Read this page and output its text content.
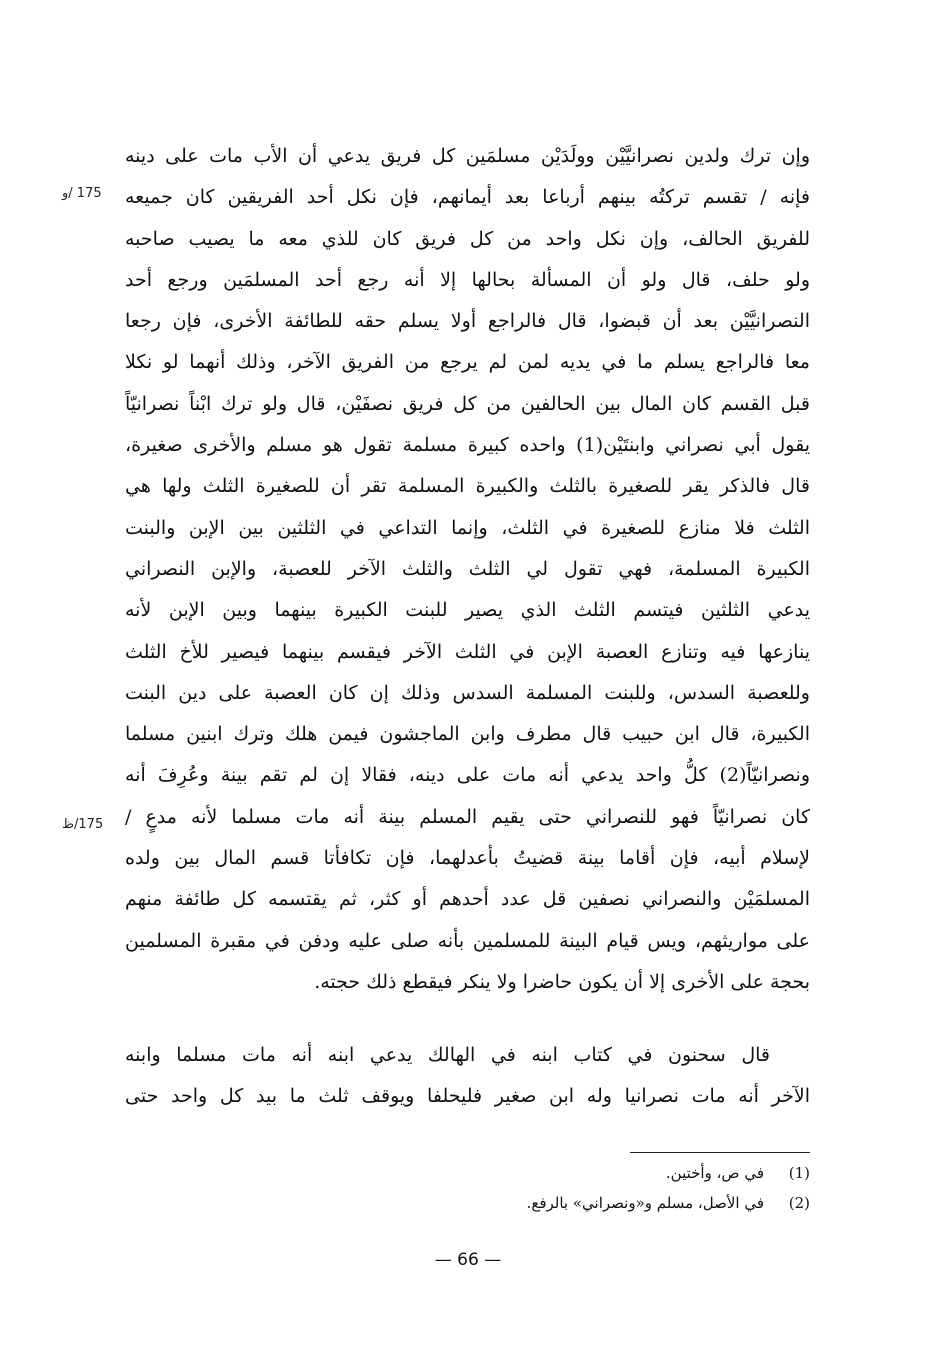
175 /و
175/ظ
وإن ترك ولدين نصرانيَّيْن وولَدَيْن مسلمَين كل فريق يدعي أن الأب مات على دينه
فإنه / تقسم تركتُه بينهم أرباعا بعد أيمانهم، فإن نكل أحد الفريقين كان جميعه
للفريق الحالف، وإن نكل واحد من كل فريق كان للذي معه ما يصيب صاحبه
ولو حلف، قال ولو أن المسألة بحالها إلا أنه رجع أحد المسلمَين ورجع أحد
النصرانيَّيْن بعد أن قبضوا، قال فالراجع أولا يسلم حقه للطائفة الأخرى، فإن رجعا
معا فالراجع يسلم ما في يديه لمن لم يرجع من الفريق الآخر، وذلك أنهما لو نكلا
قبل القسم كان المال بين الحالفين من كل فريق نصفَيْن، قال ولو ترك ابْناً نصرانيّاً
يقول أبي نصراني وابنتَيْن(1) واحده كبيرة مسلمة تقول هو مسلم والأخرى صغيرة،
قال فالذكر يقر للصغيرة بالثلث والكبيرة المسلمة تقر أن للصغيرة الثلث ولها هي
الثلث فلا منازع للصغيرة في الثلث، وإنما التداعي في الثلثين بين الإبن والبنت
الكبيرة المسلمة، فهي تقول لي الثلث والثلث الآخر للعصبة، والإبن النصراني
يدعي الثلثين فيتسم الثلث الذي يصير للبنت الكبيرة بينهما وبين الإبن لأنه
ينازعها فيه وتنازع العصبة الإبن في الثلث الآخر فيقسم بينهما فيصير للأخ الثلث
وللعصبة السدس، وللبنت المسلمة السدس وذلك إن كان العصبة على دين البنت
الكبيرة، قال ابن حبيب قال مطرف وابن الماجشون فيمن هلك وترك ابنين مسلما
ونصرانيّاً(2) كلُّ واحد يدعي أنه مات على دينه، فقالا إن لم تقم بينة وعُرِفَ أنه
كان نصرانيّاً فهو للنصراني حتى يقيم المسلم بينة أنه مات مسلما لأنه مدعٍ /
لإسلام أبيه، فإن أقاما بينة قضيتُ بأعدلهما، فإن تكافأتا قسم المال بين ولده
المسلمَيْن والنصراني نصفين قل عدد أحدهم أو كثر، ثم يقتسمه كل طائفة منهم
على مواريثهم، ويس قيام البينة للمسلمين بأنه صلى عليه ودفن في مقبرة المسلمين
بحجة على الأخرى إلا أن يكون حاضرا ولا ينكر فيقطع ذلك حجته.
قال سحنون في كتاب ابنه في الهالك يدعي ابنه أنه مات مسلما وابنه
الآخر أنه مات نصرانيا وله ابن صغير فليحلفا ويوقف ثلث ما بيد كل واحد حتى
(1)في ص، وأختين.
(2)في الأصل، مسلم و«ونصراني» بالرفع.
— 66 —
